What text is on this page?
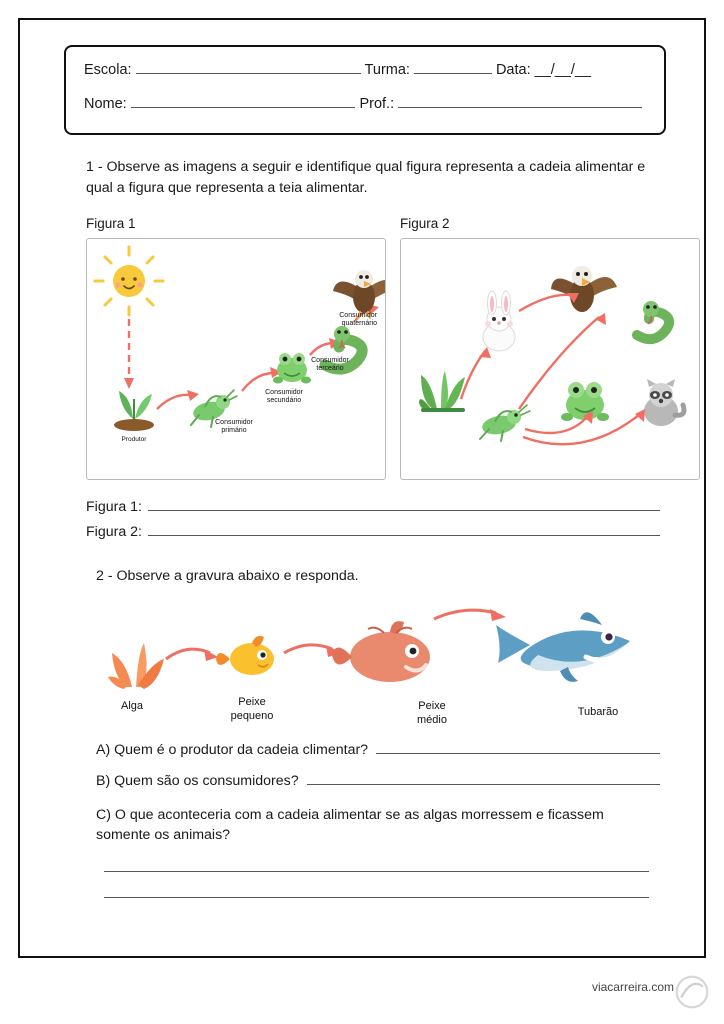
Escola:	Turma:	Data: __/__/__
Nome:	Prof.:
1 - Observe as imagens a seguir e identifique qual figura representa a cadeia alimentar e qual a figura que representa a teia alimentar.
Figura 1	Figura 2
Produtor
Consumidor
primário
Consumidor
secundário
Consumidor
terceário
Consumidor
quaternário
Figura 1:
Figura 2:
2 - Observe a gravura abaixo e responda.
Alga	Peixe
pequeno
Peixe
médio
Tubarão
A) Quem é o produtor da cadeia climentar?
B) Quem são os consumidores?
C) O que aconteceria com a cadeia alimentar se as algas morressem e ficassem somente os animais?
viacarreira.com
